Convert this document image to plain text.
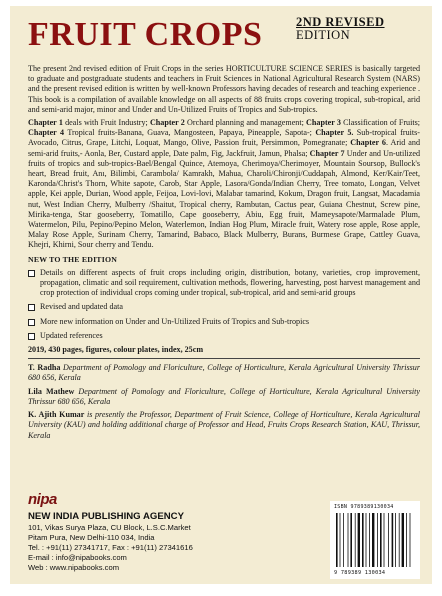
FRUIT CROPS	2ND REVISED
EDITION

The present 2nd revised edition of Fruit Crops in the series HORTICULTURE SCIENCE SERIES is basically targeted to graduate and postgraduate students and teachers in Fruit Sciences in National Agricultural Research System (NARS) and the present revised edition is written by well-known Professors having decades of research and teaching experience . This book is a compilation of available knowledge on all aspects of 88 fruits crops covering tropical, sub-tropical, arid and semi-arid major, minor and Under and Un-Utilized Fruits of Tropics and Sub-tropics.

Chapter 1 deals with Fruit Industry; Chapter 2 Orchard planning and management; Chapter 3 Classification of Fruits; Chapter 4 Tropical fruits-Banana, Guava, Mangosteen, Papaya, Pineapple, Sapota-; Chapter 5. Sub-tropical fruits-Avocado, Citrus, Grape, Litchi, Loquat, Mango, Olive, Passion fruit, Persimmon, Pomegranate; Chapter 6. Arid and semi-arid fruits,- Aonla, Ber, Custard apple, Date palm, Fig, Jackfruit, Jamun, Phalsa; Chapter 7 Under and Un-utilized fruits of tropics and sub-tropics-Bael/Bengal Quince, Atemoya, Cherimoya/Cherimoyer, Mountain Soursop, Bullock's heart, Bread fruit, Anı, Bilimbi, Carambola/ Kamrakh, Mahua, Charoli/Chironji/Cuddapah, Almond, Ker/Kair/Teet, Karonda/Christ's Thorn, White sapote, Carob, Star Apple, Lasora/Gonda/Indian Cherry, Tree tomato, Longan, Velvet apple, Kei apple, Durian, Wood apple, Feijoa, Lovi-lovi, Malabar tamarind, Kokum, Dragon fruit, Langsat, Macadamia nut, West Indian Cherry, Mulberry /Shaitut, Tropical cherry, Rambutan, Cactus pear, Guiana Chestnut, Screw pine, Mirika-tenga, Star gooseberry, Tomatillo, Cape gooseberry, Abiu, Egg fruit, Mameysapote/Marmalade Plum, Watermelon, Pilu, Pepino/Pepino Melon, Waterlemon, Indian Hog Plum, Miracle fruit, Watery rose apple, Rose apple, Malay Rose Apple, Surinam Cherry, Tamarind, Babaco, Black Mulberry, Burans, Burmese Grape, Cattley Guava, Khejri, Khirni, Sour cherry and Tendu.

NEW TO THE EDITION
Details on different aspects of fruit crops including origin, distribution, botany, varieties, crop improvement, propagation, climatic and soil requirement, cultivation methods, flowering, harvesting, post harvest management and crop protection of individual crops coming under tropical, sub-tropical, arid and semi-arid groups
Revised and updated data
More new information on Under and Un-Utilized Fruits of Tropics and Sub-tropics
Updated references
2019, 430 pages, figures, colour plates, index, 25cm

T. Radha Department of Pomology and Floriculture, College of Horticulture, Kerala Agricultural University Thrissur 680 656, Kerala

Lila Mathew Department of Pomology and Floriculture, College of Horticulture, Kerala Agricultural University Thrissur 680 656, Kerala

K. Ajith Kumar is presently the Professor, Department of Fruit Science, College of Horticulture, Kerala Agricultural University (KAU) and holding additional charge of Professor and Head, Fruits Crops Research Station, KAU, Thrissur, Kerala

nipa
NEW INDIA PUBLISHING AGENCY
101, Vikas Surya Plaza, CU Block, L.S.C.Market
Pitam Pura, New Delhi-110 034, India
Tel. : +91(11) 27341717, Fax : +91(11) 27341616
E-mail : info@nipabooks.com
Web : www.nipabooks.com
ISBN 9789389130034
9 789389 130034
